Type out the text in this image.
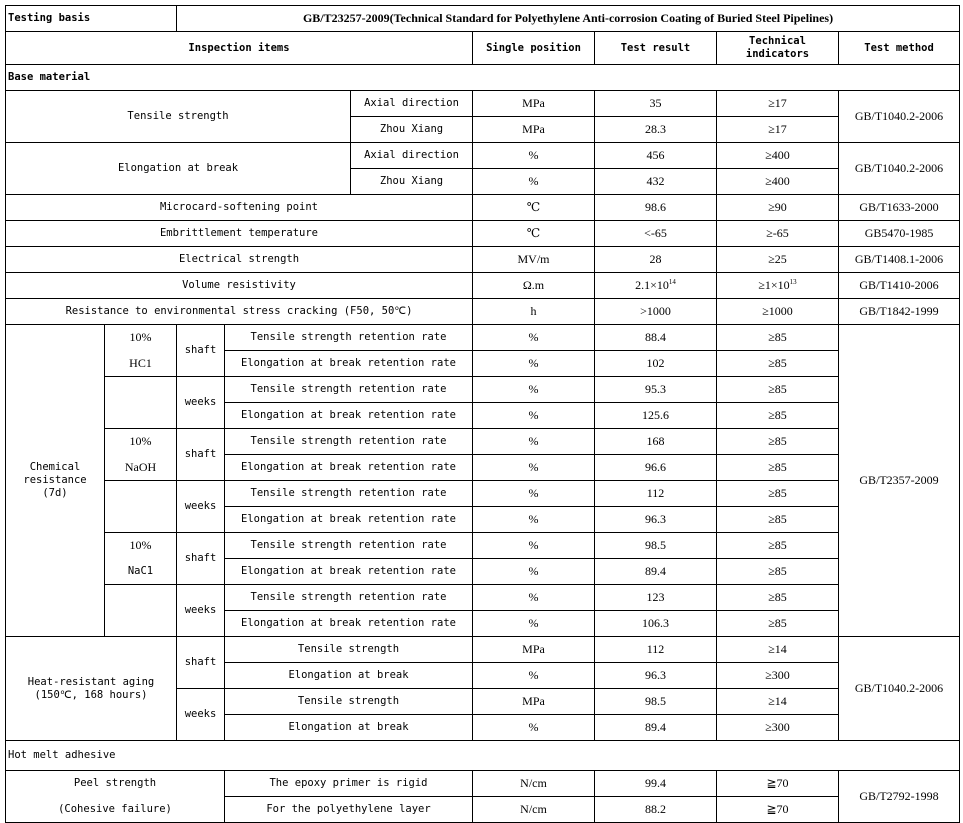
Testing basis		GB/T23257-2009(Technical Standard for Polyethylene Anti-corrosion Coating of Buried Steel Pipelines)						
Inspection items					Single position	Test result	Technical indicators	Test method
Base material								
Tensile strength				Axial direction	MPa	35	≥17	GB/T1040.2-2006
				Zhou Xiang	MPa	28.3	≥17	
Elongation at break				Axial direction	%	456	≥400	GB/T1040.2-2006
				Zhou Xiang	%	432	≥400	
Microcard-softening point					℃	98.6	≥90	GB/T1633-2000
Embrittlement temperature					℃	<-65	≥-65	GB5470-1985
Electrical strength					MV/m	28	≥25	GB/T1408.1-2006
Volume resistivity					Ω.m	$2.1\times 10^{14}$	$\ge 1\times 10^{13}$	GB/T1410-2006
Resistance to environmental stress cracking (F50, 50℃)					h	>1000	≥1000	GB/T1842-1999
Chemical resistance (7d)	10%	shaft	Tensile strength retention rate		%	88.4	≥85	GB/T2357-2009
	HC1		Elongation at break retention rate		%	102	≥85	
		weeks	Tensile strength retention rate		%	95.3	≥85	
			Elongation at break retention rate		%	125.6	≥85	
	10%	shaft	Tensile strength retention rate		%	168	≥85	
	NaOH		Elongation at break retention rate		%	96.6	≥85	
		weeks	Tensile strength retention rate		%	112	≥85	
			Elongation at break retention rate		%	96.3	≥85	
	10%	shaft	Tensile strength retention rate		%	98.5	≥85	
	NaC1		Elongation at break retention rate		%	89.4	≥85	
		weeks	Tensile strength retention rate		%	123	≥85	
			Elongation at break retention rate		%	106.3	≥85	

Heat-resistant aging
(150℃, 168 hours)		shaft	Tensile strength		MPa	112	≥14	GB/T1040.2-2006
			Elongation at break		%	96.3	≥300	
		weeks	Tensile strength		MPa	98.5	≥14	
			Elongation at break		%	89.4	≥300	
Hot melt adhesive								
Peel strength			The epoxy primer is rigid		N/cm	99.4	≧70	GB/T2792-1998
(Cohesive failure)			For the polyethylene layer		N/cm	88.2	≧70	
